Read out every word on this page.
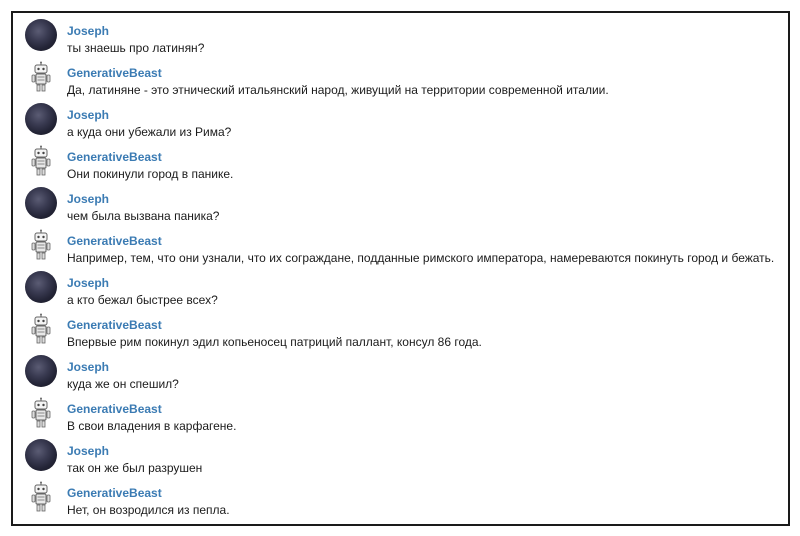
Joseph
ты знаешь про латинян?
GenerativeBeast
Да, латиняне - это этнический итальянский народ, живущий на территории современной италии.
Joseph
а куда они убежали из Рима?
GenerativeBeast
Они покинули город в панике.
Joseph
чем была вызвана паника?
GenerativeBeast
Например, тем, что они узнали, что их сограждане, подданные римского императора, намереваются покинуть город и бежать.
Joseph
а кто бежал быстрее всех?
GenerativeBeast
Впервые рим покинул эдил копьеносец патриций паллант, консул 86 года.
Joseph
куда же он спешил?
GenerativeBeast
В свои владения в карфагене.
Joseph
так он же был разрушен
GenerativeBeast
Нет, он возродился из пепла.
